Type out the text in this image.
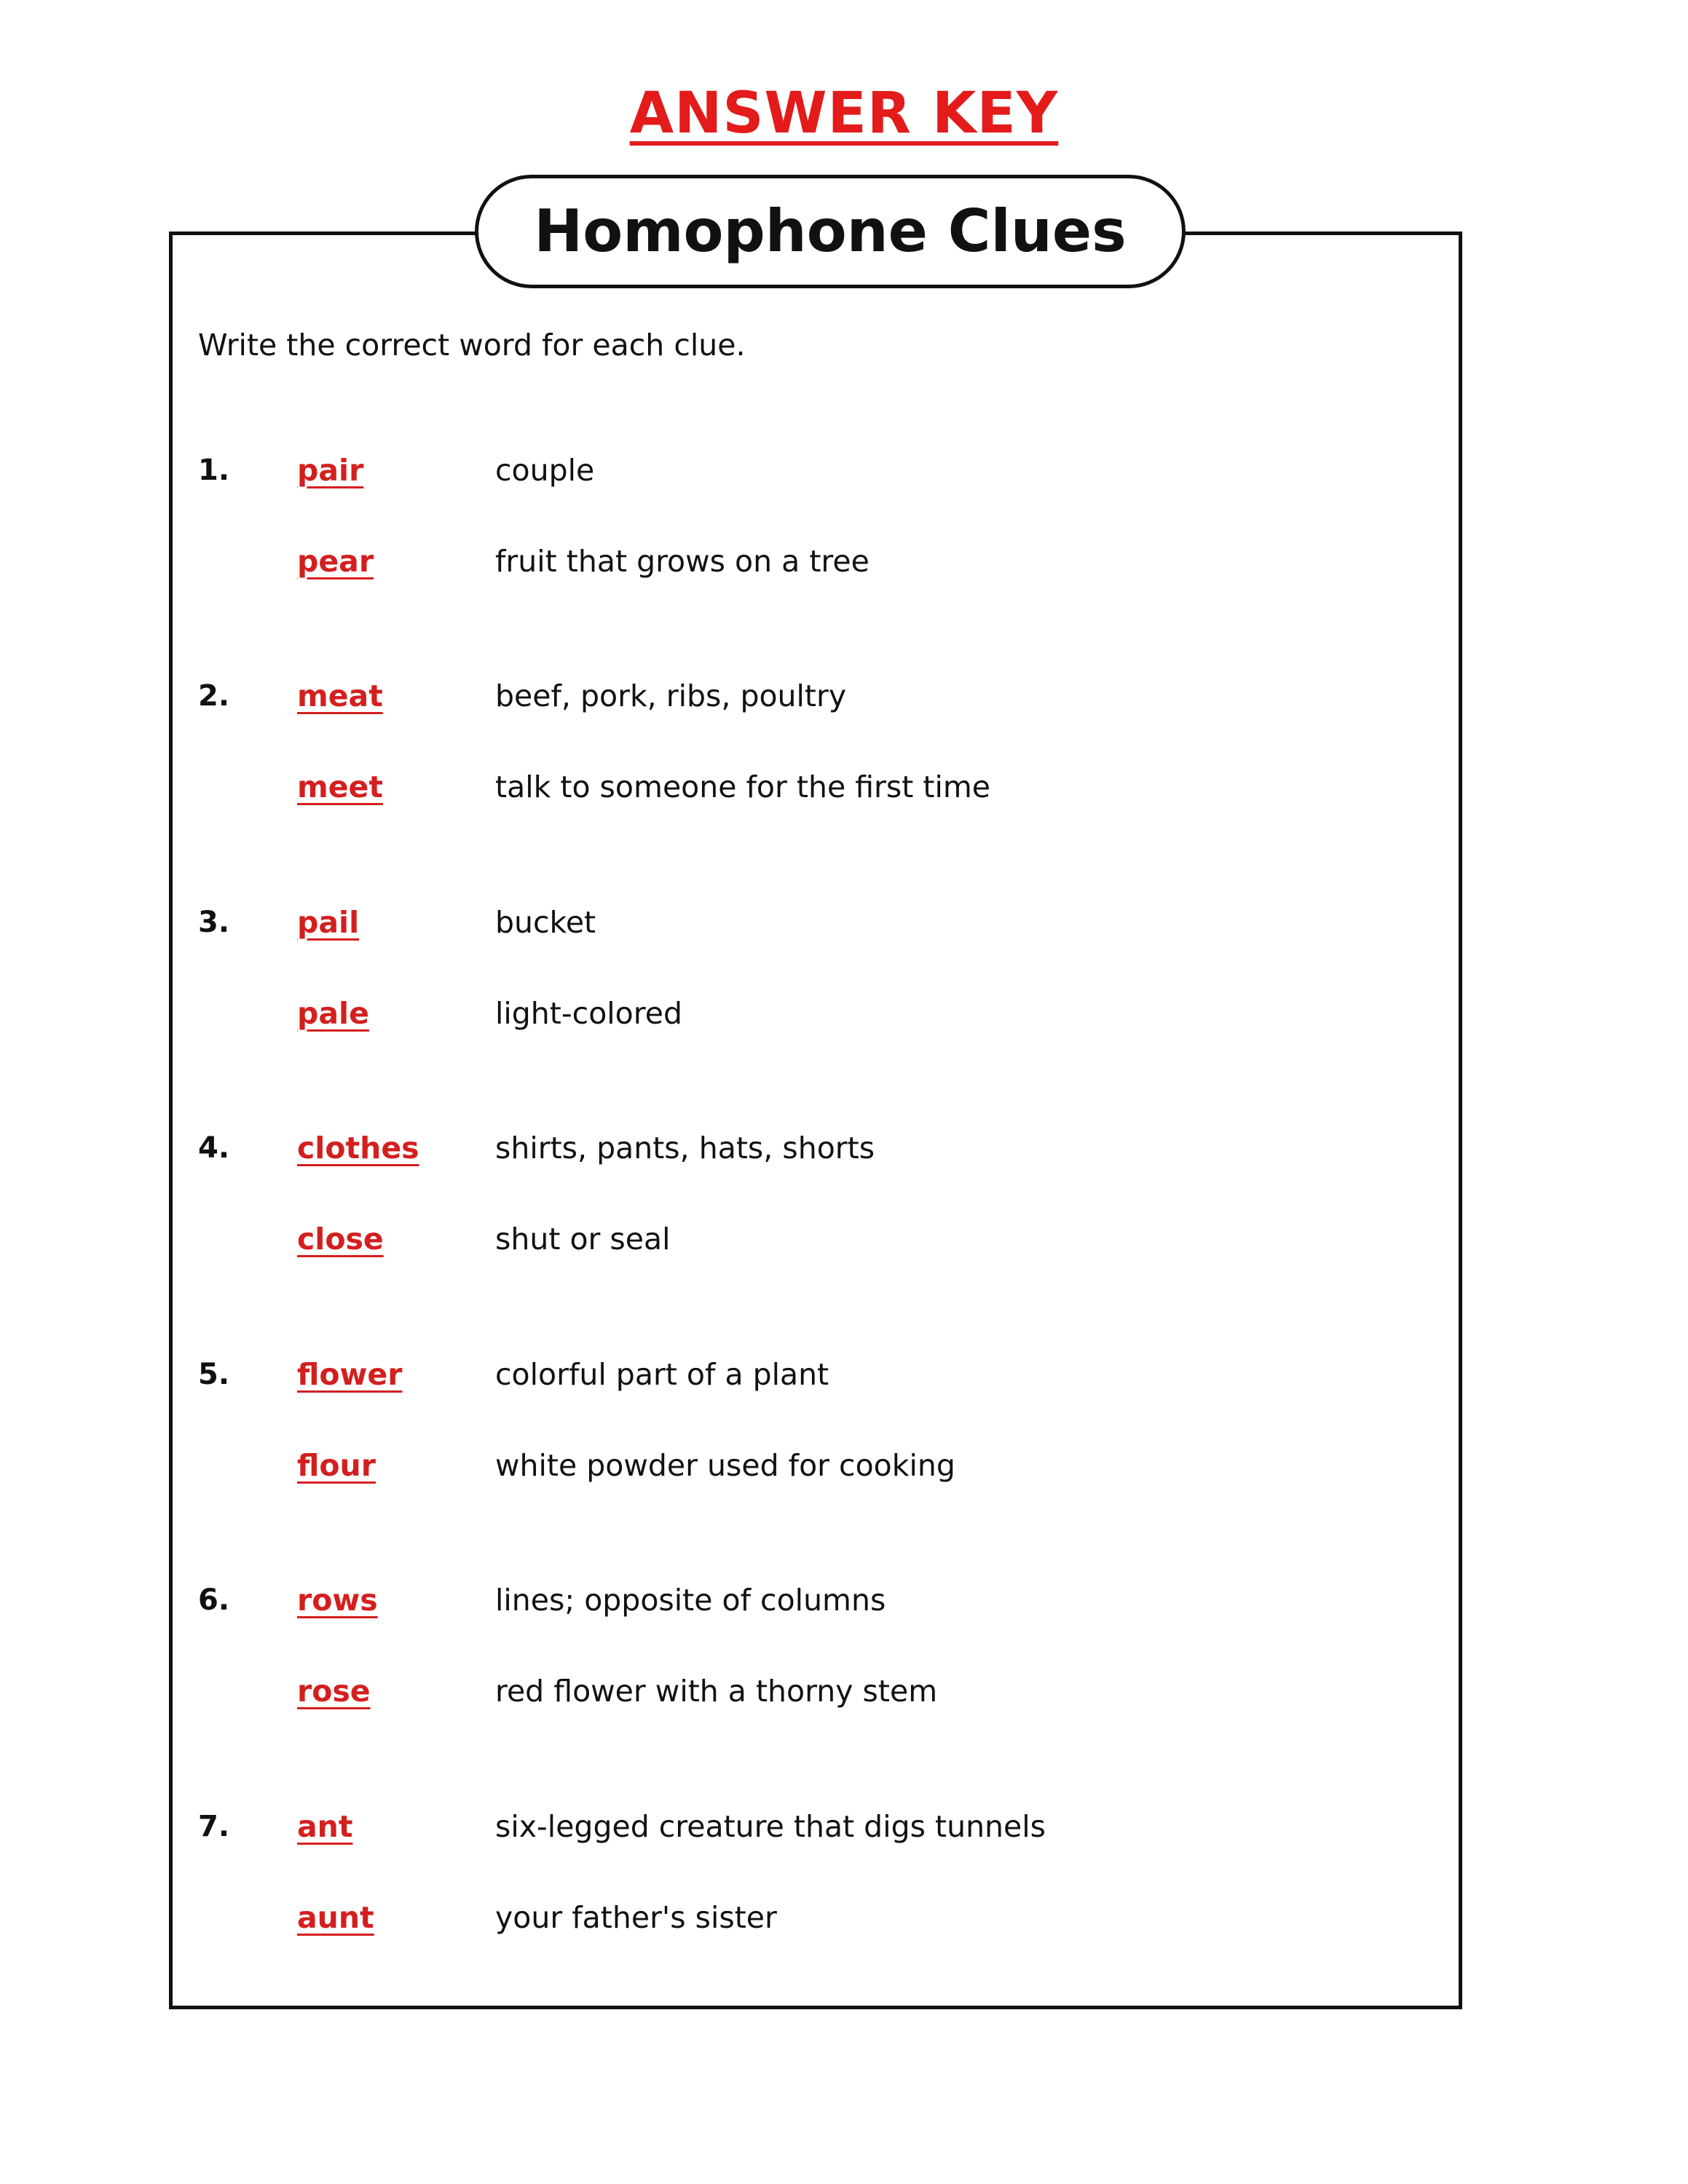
ANSWER KEY
Homophone Clues
Write the correct word for each clue.
1. pair	couple
pear	fruit that grows on a tree
2. meat	beef, pork, ribs, poultry
meet	talk to someone for the first time
3. pail	bucket
pale	light-colored
4. clothes	shirts, pants, hats, shorts
close	shut or seal
5. flower	colorful part of a plant
flour	white powder used for cooking
6. rows	lines; opposite of columns
rose	red flower with a thorny stem
7. ant	six-legged creature that digs tunnels
aunt	your father's sister
